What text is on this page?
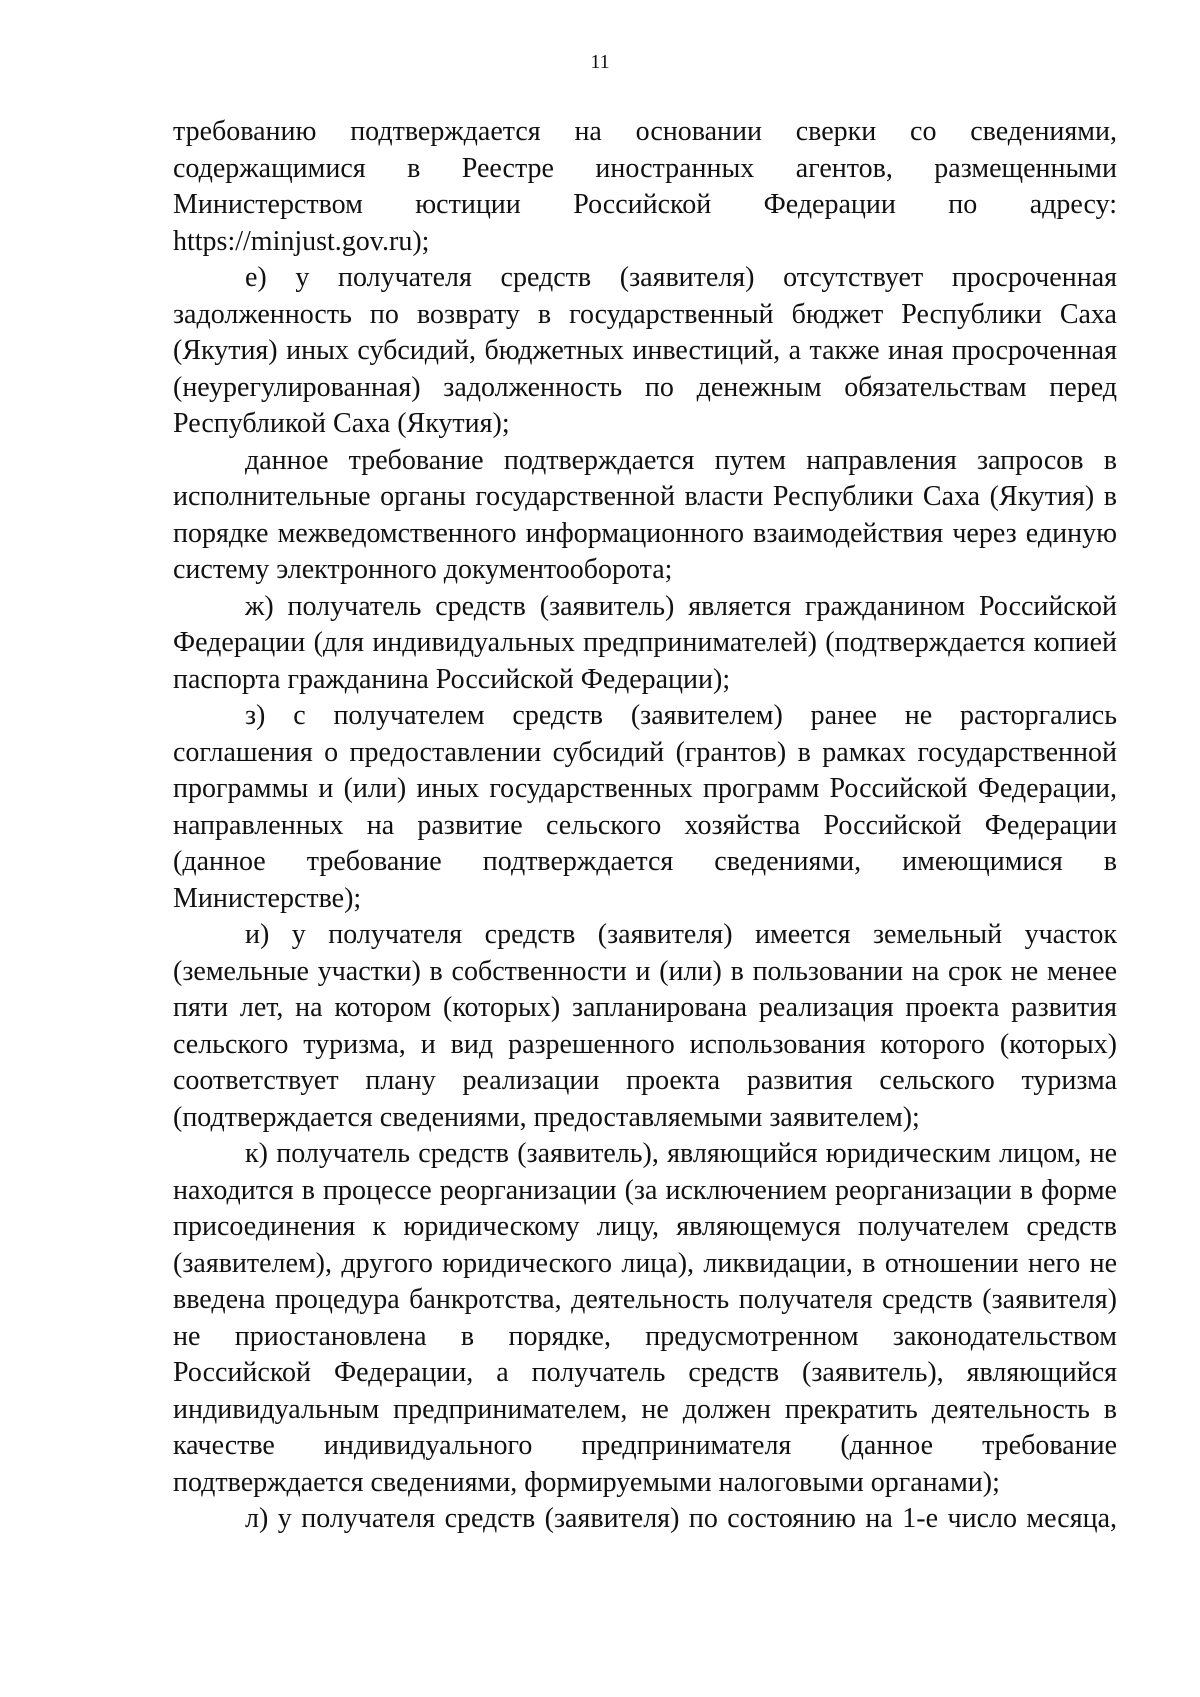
11

требованию подтверждается на основании сверки со сведениями, содержащимися в Реестре иностранных агентов, размещенными Министерством юстиции Российской Федерации по адресу: https://minjust.gov.ru);

е) у получателя средств (заявителя) отсутствует просроченная задолженность по возврату в государственный бюджет Республики Саха (Якутия) иных субсидий, бюджетных инвестиций, а также иная просроченная (неурегулированная) задолженность по денежным обязательствам перед Республикой Саха (Якутия);

данное требование подтверждается путем направления запросов в исполнительные органы государственной власти Республики Саха (Якутия) в порядке межведомственного информационного взаимодействия через единую систему электронного документооборота;

ж) получатель средств (заявитель) является гражданином Российской Федерации (для индивидуальных предпринимателей) (подтверждается копией паспорта гражданина Российской Федерации);

з) с получателем средств (заявителем) ранее не расторгались соглашения о предоставлении субсидий (грантов) в рамках государственной программы и (или) иных государственных программ Российской Федерации, направленных на развитие сельского хозяйства Российской Федерации (данное требование подтверждается сведениями, имеющимися в Министерстве);

и) у получателя средств (заявителя) имеется земельный участок (земельные участки) в собственности и (или) в пользовании на срок не менее пяти лет, на котором (которых) запланирована реализация проекта развития сельского туризма, и вид разрешенного использования которого (которых) соответствует плану реализации проекта развития сельского туризма (подтверждается сведениями, предоставляемыми заявителем);

к) получатель средств (заявитель), являющийся юридическим лицом, не находится в процессе реорганизации (за исключением реорганизации в форме присоединения к юридическому лицу, являющемуся получателем средств (заявителем), другого юридического лица), ликвидации, в отношении него не введена процедура банкротства, деятельность получателя средств (заявителя) не приостановлена в порядке, предусмотренном законодательством Российской Федерации, а получатель средств (заявитель), являющийся индивидуальным предпринимателем, не должен прекратить деятельность в качестве индивидуального предпринимателя (данное требование подтверждается сведениями, формируемыми налоговыми органами);

л) у получателя средств (заявителя) по состоянию на 1-е число месяца,
